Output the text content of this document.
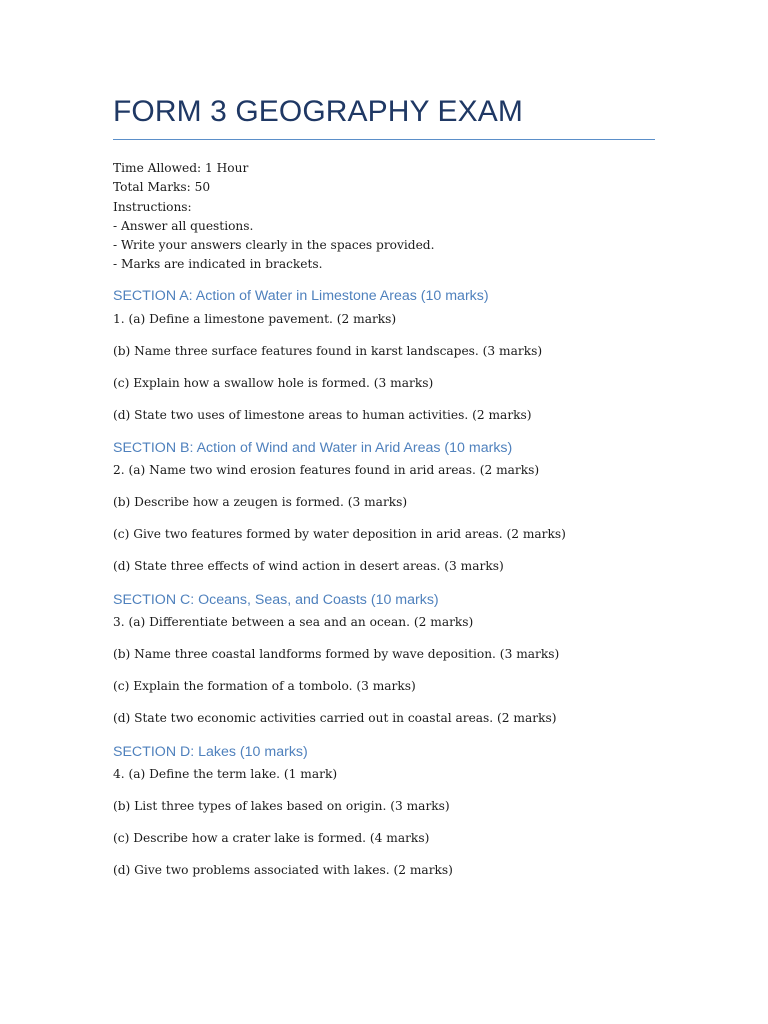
FORM 3 GEOGRAPHY EXAM
Time Allowed: 1 Hour
Total Marks: 50
Instructions:
- Answer all questions.
- Write your answers clearly in the spaces provided.
- Marks are indicated in brackets.
SECTION A: Action of Water in Limestone Areas (10 marks)
1. (a) Define a limestone pavement. (2 marks)
(b) Name three surface features found in karst landscapes. (3 marks)
(c) Explain how a swallow hole is formed. (3 marks)
(d) State two uses of limestone areas to human activities. (2 marks)
SECTION B: Action of Wind and Water in Arid Areas (10 marks)
2. (a) Name two wind erosion features found in arid areas. (2 marks)
(b) Describe how a zeugen is formed. (3 marks)
(c) Give two features formed by water deposition in arid areas. (2 marks)
(d) State three effects of wind action in desert areas. (3 marks)
SECTION C: Oceans, Seas, and Coasts (10 marks)
3. (a) Differentiate between a sea and an ocean. (2 marks)
(b) Name three coastal landforms formed by wave deposition. (3 marks)
(c) Explain the formation of a tombolo. (3 marks)
(d) State two economic activities carried out in coastal areas. (2 marks)
SECTION D: Lakes (10 marks)
4. (a) Define the term lake. (1 mark)
(b) List three types of lakes based on origin. (3 marks)
(c) Describe how a crater lake is formed. (4 marks)
(d) Give two problems associated with lakes. (2 marks)
